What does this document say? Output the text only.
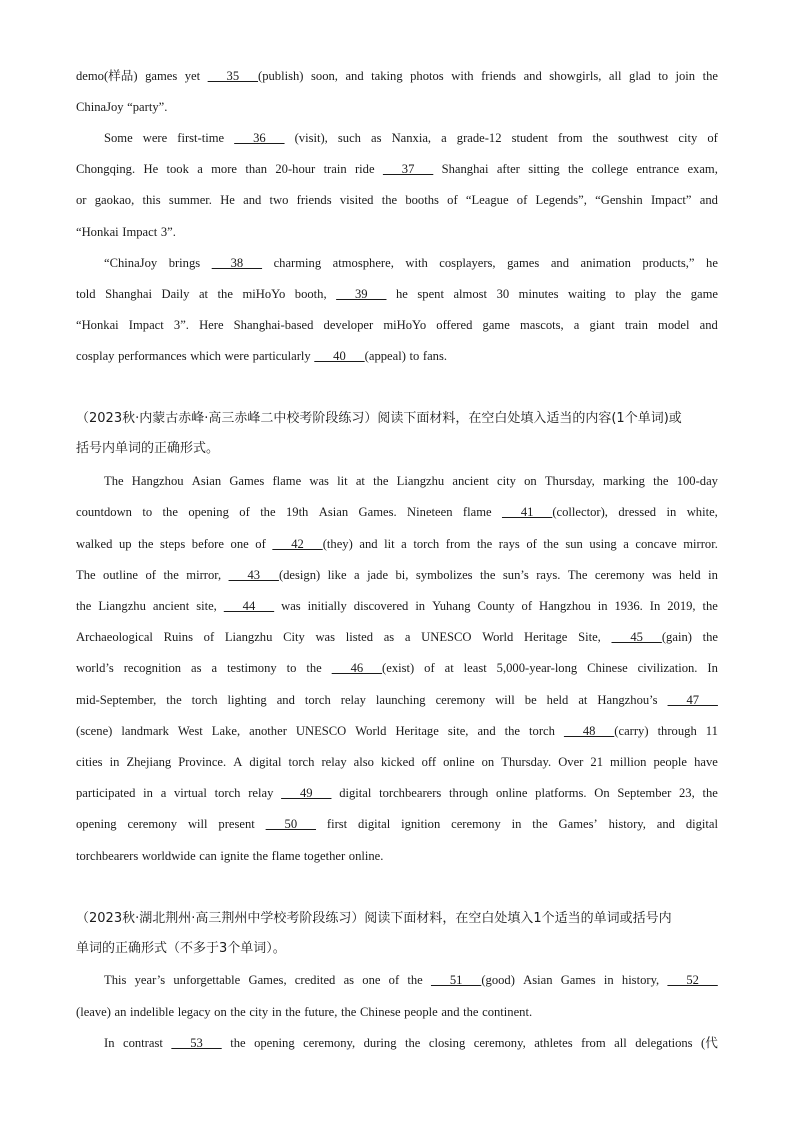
demo(样品) games yet   35  (publish) soon, and taking photos with friends and showgirls, all glad to join the
ChinaJoy “party”.
Some were first-time   36   (visit), such as Nanxia, a grade-12 student from the southwest city of
Chongqing. He took a more than 20-hour train ride   37   Shanghai after sitting the college entrance exam,
or gaokao, this summer. He and two friends visited the booths of “League of Legends”, “Genshin Impact” and
“Honkai Impact 3”.
“ChinaJoy brings   38   charming atmosphere, with cosplayers, games and animation products,” he
told Shanghai Daily at the miHoYo booth,   39   he spent almost 30 minutes waiting to play the game
“Honkai Impact 3”. Here Shanghai-based developer miHoYo offered game mascots, a giant train model and
cosplay performances which were particularly   40  (appeal) to fans.
（2023秋·内蒙古赤峰·高三赤峰二中校考阶段练习）阅读下面材料，在空白处填入适当的内容(1个单词)或
括号内单词的正确形式。
The Hangzhou Asian Games flame was lit at the Liangzhu ancient city on Thursday, marking the 100-day
countdown to the opening of the 19th Asian Games. Nineteen flame   41  (collector), dressed in white,
walked up the steps before one of   42  (they) and lit a torch from the rays of the sun using a concave mirror.
The outline of the mirror,   43  (design) like a jade bi, symbolizes the sun’s rays. The ceremony was held in
the Liangzhu ancient site,   44   was initially discovered in Yuhang County of Hangzhou in 1936. In 2019, the
Archaeological Ruins of Liangzhu City was listed as a UNESCO World Heritage Site,   45  (gain) the
world’s recognition as a testimony to the   46  (exist) of at least 5,000-year-long Chinese civilization. In
mid-September, the torch lighting and torch relay launching ceremony will be held at Hangzhou’s   47  
(scene) landmark West Lake, another UNESCO World Heritage site, and the torch   48  (carry) through 11
cities in Zhejiang Province. A digital torch relay also kicked off online on Thursday. Over 21 million people have
participated in a virtual torch relay   49   digital torchbearers through online platforms. On September 23, the
opening ceremony will present   50   first digital ignition ceremony in the Games’ history, and digital
torchbearers worldwide can ignite the flame together online.
（2023秋·湖北荆州·高三荆州中学校考阶段练习）阅读下面材料，在空白处填入1个适当的单词或括号内
单词的正确形式（不多于3个单词）。
This year’s unforgettable Games, credited as one of the   51  (good) Asian Games in history,   52  
(leave) an indelible legacy on the city in the future, the Chinese people and the continent.
In contrast   53   the opening ceremony, during the closing ceremony, athletes from all delegations (代
